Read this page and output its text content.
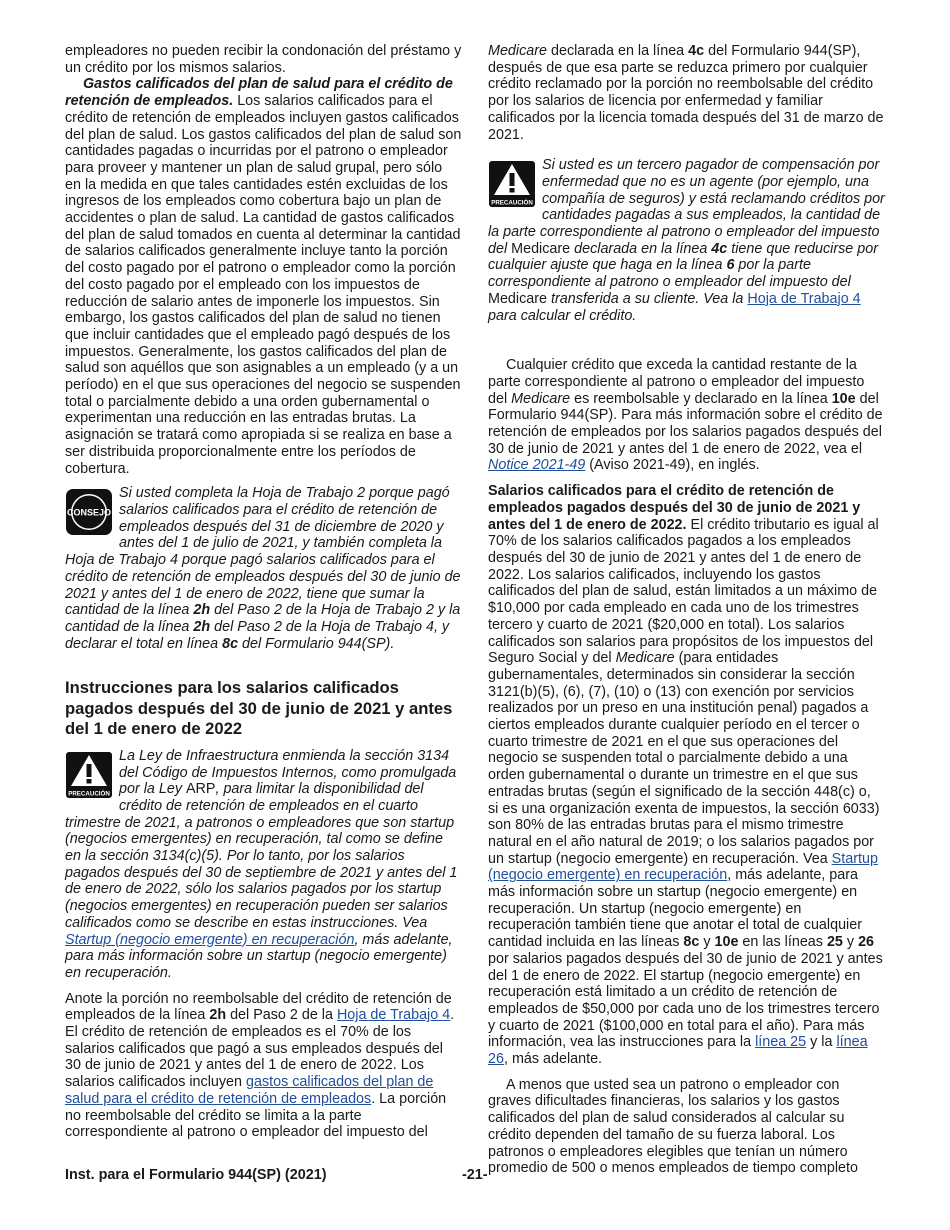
empleadores no pueden recibir la condonación del préstamo y un crédito por los mismos salarios.

Gastos calificados del plan de salud para el crédito de retención de empleados. Los salarios calificados para el crédito de retención de empleados incluyen gastos calificados del plan de salud. Los gastos calificados del plan de salud son cantidades pagadas o incurridas por el patrono o empleador para proveer y mantener un plan de salud grupal, pero sólo en la medida en que tales cantidades estén excluidas de los ingresos de los empleados como cobertura bajo un plan de accidentes o plan de salud. La cantidad de gastos calificados del plan de salud tomados en cuenta al determinar la cantidad de salarios calificados generalmente incluye tanto la porción del costo pagado por el patrono o empleador como la porción del costo pagado por el empleado con los impuestos de reducción de salario antes de imponerle los impuestos. Sin embargo, los gastos calificados del plan de salud no tienen que incluir cantidades que el empleado pagó después de los impuestos. Generalmente, los gastos calificados del plan de salud son aquéllos que son asignables a un empleado (y a un período) en el que sus operaciones del negocio se suspenden total o parcialmente debido a una orden gubernamental o experimentan una reducción en las entradas brutas. La asignación se tratará como apropiada si se realiza en base a ser distribuida proporcionalmente entre los períodos de cobertura.

CONSEJO

Si usted completa la Hoja de Trabajo 2 porque pagó salarios calificados para el crédito de retención de empleados después del 31 de diciembre de 2020 y antes del 1 de julio de 2021, y también completa la Hoja de Trabajo 4 porque pagó salarios calificados para el crédito de retención de empleados después del 30 de junio de 2021 y antes del 1 de enero de 2022, tiene que sumar la cantidad de la línea 2h del Paso 2 de la Hoja de Trabajo 2 y la cantidad de la línea 2h del Paso 2 de la Hoja de Trabajo 4, y declarar el total en línea 8c del Formulario 944(SP).

Instrucciones para los salarios calificados pagados después del 30 de junio de 2021 y antes del 1 de enero de 2022
PRECAUCIÓN

La Ley de Infraestructura enmienda la sección 3134 del Código de Impuestos Internos, como promulgada por la Ley ARP, para limitar la disponibilidad del crédito de retención de empleados en el cuarto trimestre de 2021, a patronos o empleadores que son startup (negocios emergentes) en recuperación, tal como se define en la sección 3134(c)(5). Por lo tanto, por los salarios pagados después del 30 de septiembre de 2021 y antes del 1 de enero de 2022, sólo los salarios pagados por los startup (negocios emergentes) en recuperación pueden ser salarios calificados como se describe en estas instrucciones. Vea Startup (negocio emergente) en recuperación, más adelante, para más información sobre un startup (negocio emergente) en recuperación.

Anote la porción no reembolsable del crédito de retención de empleados de la línea 2h del Paso 2 de la Hoja de Trabajo 4. El crédito de retención de empleados es el 70% de los salarios calificados que pagó a sus empleados después del 30 de junio de 2021 y antes del 1 de enero de 2022. Los salarios calificados incluyen gastos calificados del plan de salud para el crédito de retención de empleados. La porción no reembolsable del crédito se limita a la parte correspondiente al patrono o empleador del impuesto del

Medicare declarada en la línea 4c del Formulario 944(SP), después de que esa parte se reduzca primero por cualquier crédito reclamado por la porción no reembolsable del crédito por los salarios de licencia por enfermedad y familiar calificados por la licencia tomada después del 31 de marzo de 2021.

PRECAUCIÓN

Si usted es un tercero pagador de compensación por enfermedad que no es un agente (por ejemplo, una compañía de seguros) y está reclamando créditos por cantidades pagadas a sus empleados, la cantidad de la parte correspondiente al patrono o empleador del impuesto del Medicare declarada en la línea 4c tiene que reducirse por cualquier ajuste que haga en la línea 6 por la parte correspondiente al patrono o empleador del impuesto del Medicare transferida a su cliente. Vea la Hoja de Trabajo 4 para calcular el crédito.

Cualquier crédito que exceda la cantidad restante de la parte correspondiente al patrono o empleador del impuesto del Medicare es reembolsable y declarado en la línea 10e del Formulario 944(SP). Para más información sobre el crédito de retención de empleados por los salarios pagados después del 30 de junio de 2021 y antes del 1 de enero de 2022, vea el Notice 2021-49 (Aviso 2021-49), en inglés.

Salarios calificados para el crédito de retención de empleados pagados después del 30 de junio de 2021 y antes del 1 de enero de 2022. El crédito tributario es igual al 70% de los salarios calificados pagados a los empleados después del 30 de junio de 2021 y antes del 1 de enero de 2022. Los salarios calificados, incluyendo los gastos calificados del plan de salud, están limitados a un máximo de $10,000 por cada empleado en cada uno de los trimestres tercero y cuarto de 2021 ($20,000 en total). Los salarios calificados son salarios para propósitos de los impuestos del Seguro Social y del Medicare (para entidades gubernamentales, determinados sin considerar la sección 3121(b)(5), (6), (7), (10) o (13) con exención por servicios realizados por un preso en una institución penal) pagados a ciertos empleados durante cualquier período en el tercer o cuarto trimestre de 2021 en el que sus operaciones del negocio se suspenden total o parcialmente debido a una orden gubernamental o durante un trimestre en el que sus entradas brutas (según el significado de la sección 448(c) o, si es una organización exenta de impuestos, la sección 6033) son 80% de las entradas brutas para el mismo trimestre natural en el año natural de 2019; o los salarios pagados por un startup (negocio emergente) en recuperación. Vea Startup (negocio emergente) en recuperación, más adelante, para más información sobre un startup (negocio emergente) en recuperación. Un startup (negocio emergente) en recuperación también tiene que anotar el total de cualquier cantidad incluida en las líneas 8c y 10e en las líneas 25 y 26 por salarios pagados después del 30 de junio de 2021 y antes del 1 de enero de 2022. El startup (negocio emergente) en recuperación está limitado a un crédito de retención de empleados de $50,000 por cada uno de los trimestres tercero y cuarto de 2021 ($100,000 en total para el año). Para más información, vea las instrucciones para la línea 25 y la línea 26, más adelante.

A menos que usted sea un patrono o empleador con graves dificultades financieras, los salarios y los gastos calificados del plan de salud considerados al calcular su crédito dependen del tamaño de su fuerza laboral. Los patronos o empleadores elegibles que tenían un número promedio de 500 o menos empleados de tiempo completo

Inst. para el Formulario 944(SP) (2021)	-21-
